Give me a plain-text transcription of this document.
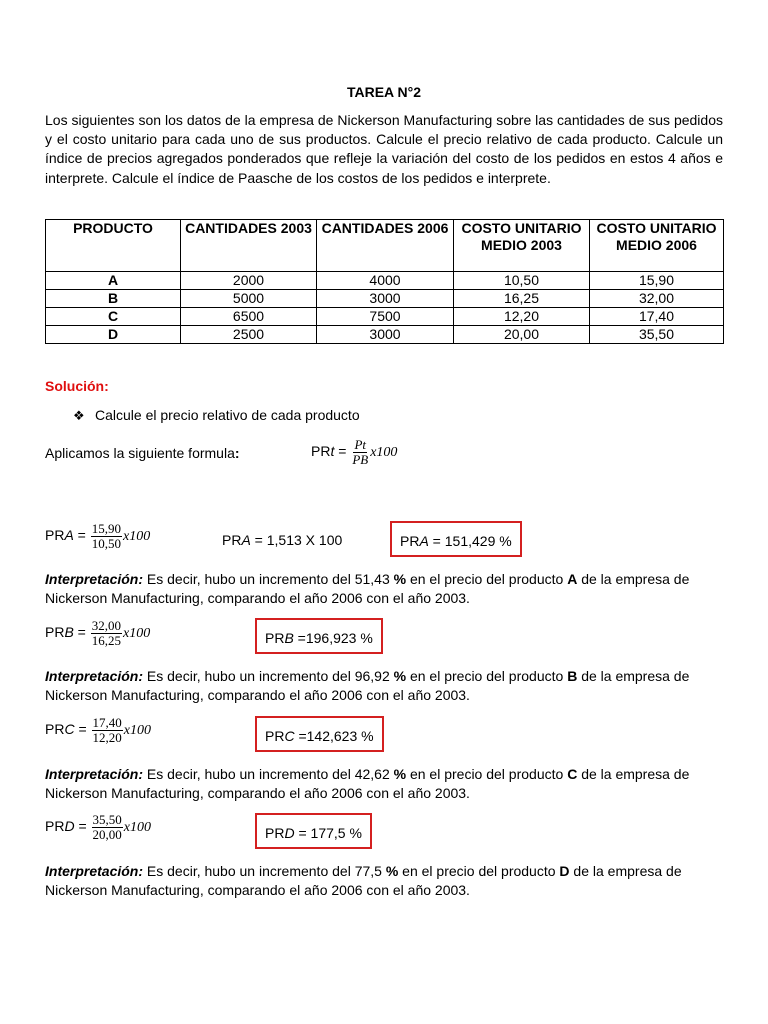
TAREA N°2
Los siguientes son los datos de la empresa de Nickerson Manufacturing sobre las cantidades de sus pedidos y el costo unitario para cada uno de sus productos. Calcule el precio relativo de cada producto. Calcule un índice de precios agregados ponderados que refleje la variación del costo de los pedidos en estos 4 años e interprete. Calcule el índice de Paasche de los costos de los pedidos e interprete.
PRODUCTO	CANTIDADES 2003	CANTIDADES 2006	COSTO UNITARIO MEDIO 2003	COSTO UNITARIO MEDIO 2006
A	2000	4000	10,50	15,90
B	5000	3000	16,25	32,00
C	6500	7500	12,20	17,40
D	2500	3000	20,00	35,50
Solución:
❖ Calcule el precio relativo de cada producto
Aplicamos la siguiente formula:	PRt = $\frac{Pt}{PB} x100$
PRA = $\frac{15,90}{10,50} x100$	PRA = 1,513 X 100	PRA = 151,429 %
Interpretación: Es decir, hubo un incremento del 51,43 % en el precio del producto A de la empresa de Nickerson Manufacturing, comparando el año 2006 con el año 2003.
PRB = $\frac{32,00}{16,25} x100$	PRB =196,923 %
Interpretación: Es decir, hubo un incremento del 96,92 % en el precio del producto B de la empresa de Nickerson Manufacturing, comparando el año 2006 con el año 2003.
PRC = $\frac{17,40}{12,20} x100$	PRC =142,623 %
Interpretación: Es decir, hubo un incremento del 42,62 % en el precio del producto C de la empresa de Nickerson Manufacturing, comparando el año 2006 con el año 2003.
PRD = $\frac{35,50}{20,00} x100$	PRD = 177,5 %
Interpretación: Es decir, hubo un incremento del 77,5 % en el precio del producto D de la empresa de Nickerson Manufacturing, comparando el año 2006 con el año 2003.
